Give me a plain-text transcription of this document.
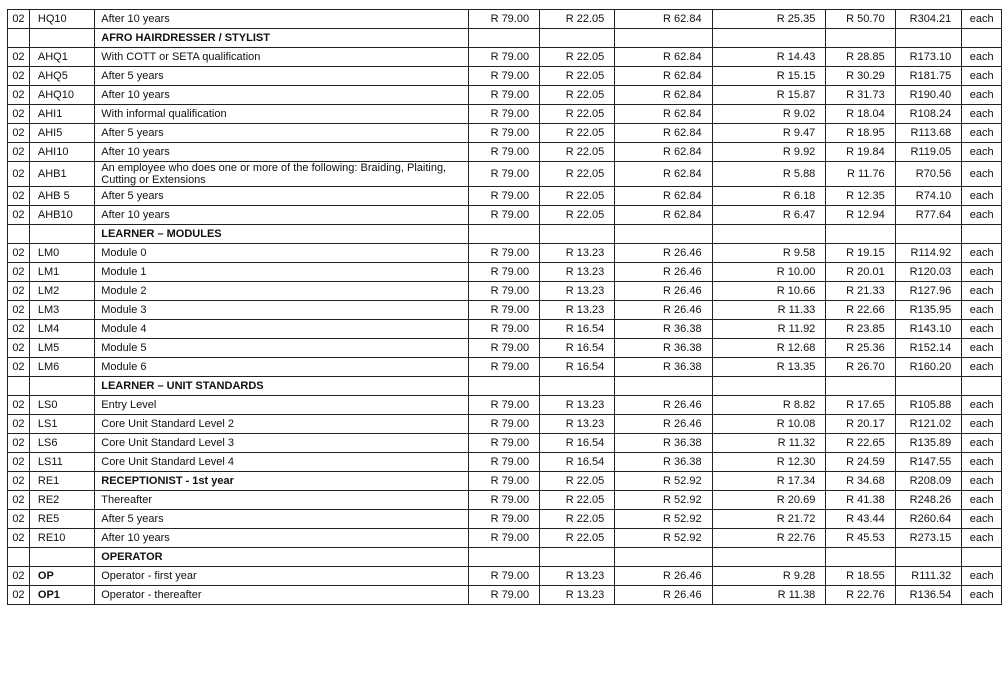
02	HQ10	After 10 years	R 79.00	R 22.05	R 62.84	R 25.35	R 50.70	R304.21	each
		AFRO HAIRDRESSER / STYLIST							
02	AHQ1	With COTT or SETA qualification	R 79.00	R 22.05	R 62.84	R 14.43	R 28.85	R173.10	each
02	AHQ5	After 5 years	R 79.00	R 22.05	R 62.84	R 15.15	R 30.29	R181.75	each
02	AHQ10	After 10 years	R 79.00	R 22.05	R 62.84	R 15.87	R 31.73	R190.40	each
02	AHI1	With informal qualification	R 79.00	R 22.05	R 62.84	R 9.02	R 18.04	R108.24	each
02	AHI5	After 5 years	R 79.00	R 22.05	R 62.84	R 9.47	R 18.95	R113.68	each
02	AHI10	After 10 years	R 79.00	R 22.05	R 62.84	R 9.92	R 19.84	R119.05	each
02	AHB1	An employee who does one or more of the following: Braiding, Plaiting, Cutting or Extensions	R 79.00	R 22.05	R 62.84	R 5.88	R 11.76	R70.56	each
02	AHB 5	After 5 years	R 79.00	R 22.05	R 62.84	R 6.18	R 12.35	R74.10	each
02	AHB10	After 10 years	R 79.00	R 22.05	R 62.84	R 6.47	R 12.94	R77.64	each
		LEARNER – MODULES							
02	LM0	Module 0	R 79.00	R 13.23	R 26.46	R 9.58	R 19.15	R114.92	each
02	LM1	Module 1	R 79.00	R 13.23	R 26.46	R 10.00	R 20.01	R120.03	each
02	LM2	Module 2	R 79.00	R 13.23	R 26.46	R 10.66	R 21.33	R127.96	each
02	LM3	Module 3	R 79.00	R 13.23	R 26.46	R 11.33	R 22.66	R135.95	each
02	LM4	Module 4	R 79.00	R 16.54	R 36.38	R 11.92	R 23.85	R143.10	each
02	LM5	Module 5	R 79.00	R 16.54	R 36.38	R 12.68	R 25.36	R152.14	each
02	LM6	Module 6	R 79.00	R 16.54	R 36.38	R 13.35	R 26.70	R160.20	each
		LEARNER – UNIT STANDARDS							
02	LS0	Entry Level	R 79.00	R 13.23	R 26.46	R 8.82	R 17.65	R105.88	each
02	LS1	Core Unit Standard Level 2	R 79.00	R 13.23	R 26.46	R 10.08	R 20.17	R121.02	each
02	LS6	Core Unit Standard Level 3	R 79.00	R 16.54	R 36.38	R 11.32	R 22.65	R135.89	each
02	LS11	Core Unit Standard Level 4	R 79.00	R 16.54	R 36.38	R 12.30	R 24.59	R147.55	each
02	RE1	RECEPTIONIST - 1st year	R 79.00	R 22.05	R 52.92	R 17.34	R 34.68	R208.09	each
02	RE2	Thereafter	R 79.00	R 22.05	R 52.92	R 20.69	R 41.38	R248.26	each
02	RE5	After 5 years	R 79.00	R 22.05	R 52.92	R 21.72	R 43.44	R260.64	each
02	RE10	After 10 years	R 79.00	R 22.05	R 52.92	R 22.76	R 45.53	R273.15	each
		OPERATOR							
02	OP	Operator - first year	R 79.00	R 13.23	R 26.46	R 9.28	R 18.55	R111.32	each
02	OP1	Operator - thereafter	R 79.00	R 13.23	R 26.46	R 11.38	R 22.76	R136.54	each
